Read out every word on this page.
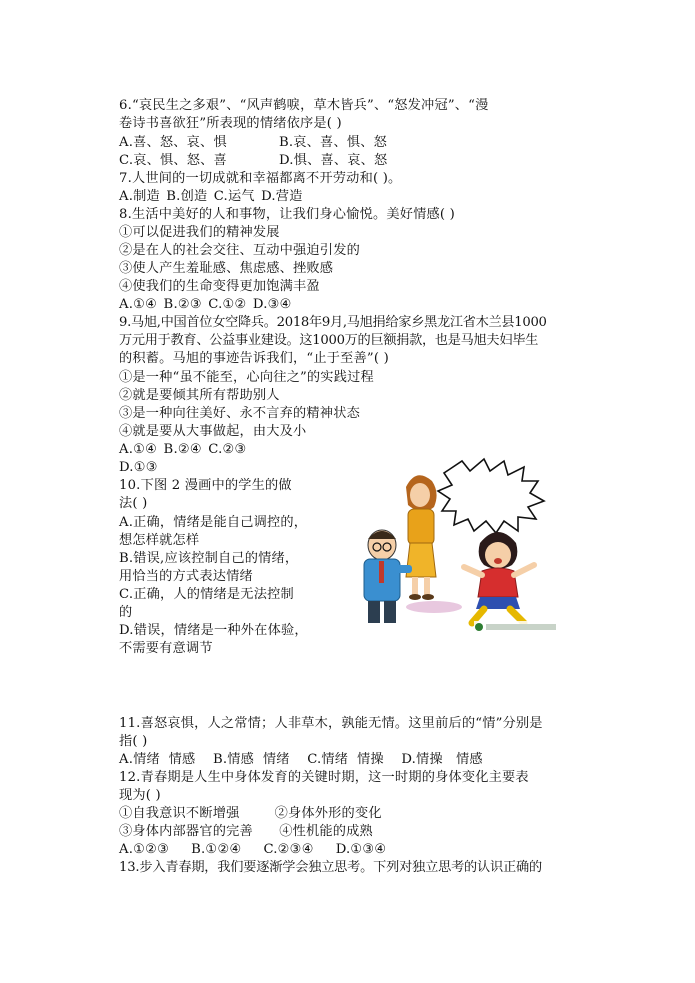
6.“哀民生之多艰”、“风声鹤唳，草木皆兵”、“怒发冲冠”、“漫
卷诗书喜欲狂”所表现的情绪依序是( )
A.喜、怒、哀、惧	B.哀、喜、惧、怒
C.哀、惧、怒、喜	D.惧、喜、哀、怒
7.人世间的一切成就和幸福都离不开劳动和( )。
A.制造 B.创造 C.运气 D.营造
8.生活中美好的人和事物，让我们身心愉悦。美好情感( )
①可以促进我们的精神发展
②是在人的社会交往、互动中强迫引发的
③使人产生羞耻感、焦虑感、挫败感
④使我们的生命变得更加饱满丰盈
A.①④ B.②③ C.①② D.③④
9.马旭,中国首位女空降兵。2018年9月,马旭捐给家乡黑龙江省木兰县1000
万元用于教育、公益事业建设。这1000万的巨额捐款，也是马旭夫妇毕生
的积蓄。马旭的事迹告诉我们，“止于至善”( )
①是一种“虽不能至，心向往之”的实践过程
②就是要倾其所有帮助别人
③是一种向往美好、永不言弃的精神状态
④就是要从大事做起，由大及小
A.①④ B.②④ C.②③
D.①③
10.下图 2 漫画中的学生的做
法( )
A.正确，情绪是能自己调控的，
想怎样就怎样
B.错误,应该控制自己的情绪，
用恰当的方式表达情绪
C.正确，人的情绪是无法控制
的
D.错误，情绪是一种外在体验，
不需要有意调节
11.喜怒哀惧，人之常情；人非草木，孰能无情。这里前后的“情”分别是
指( )
A.情绪  情感    B.情感  情绪    C.情绪  情操    D.情操   情感
12.青春期是人生中身体发育的关键时期，这一时期的身体变化主要表
现为( )
①自我意识不断增强        ②身体外形的变化
③身体内部器官的完善      ④性机能的成熟
A.①②③     B.①②④     C.②③④     D.①③④
13.步入青春期，我们要逐渐学会独立思考。下列对独立思考的认识正确的
